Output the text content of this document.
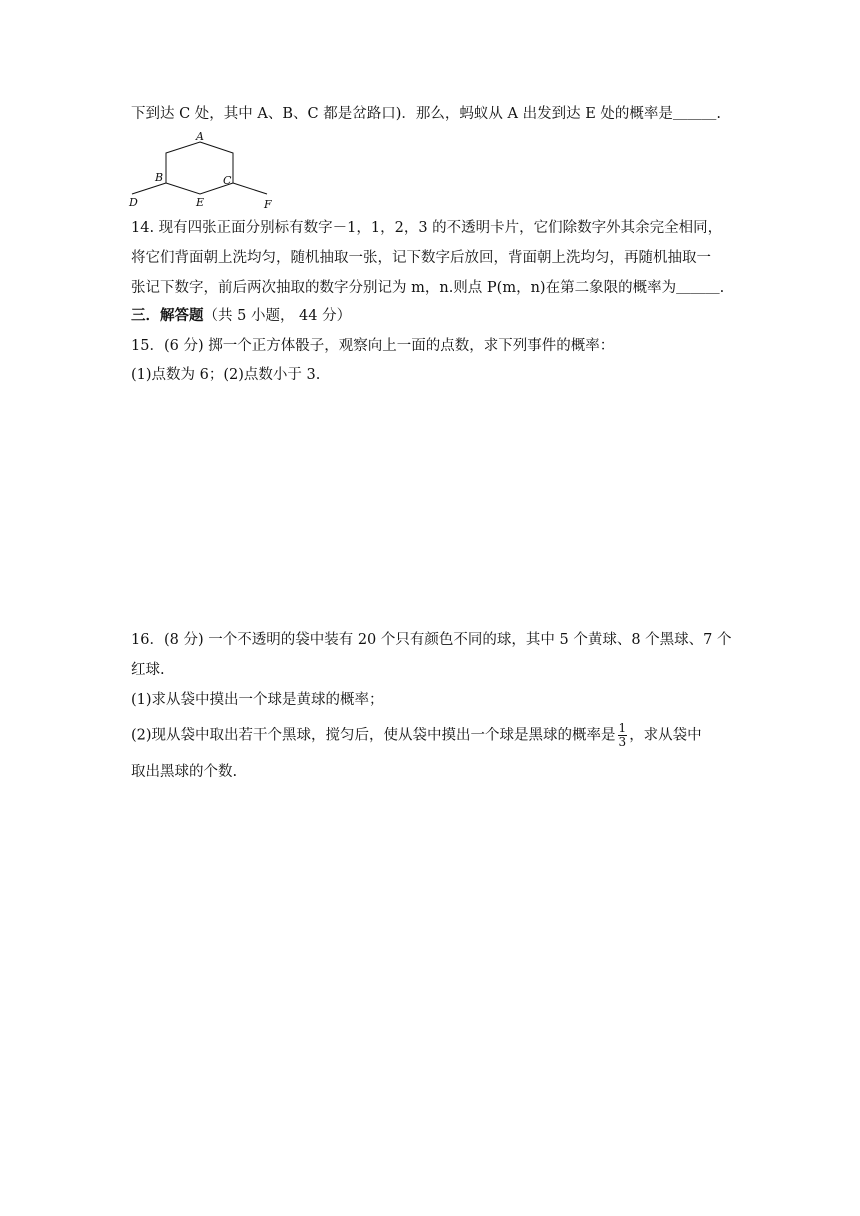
下到达 C 处，其中 A、B、C 都是岔路口)．那么，蚂蚁从 A 出发到达 E 处的概率是＿＿＿.
A
B	C
D	E	F
14. 现有四张正面分别标有数字－1，1，2，3 的不透明卡片，它们除数字外其余完全相同，
将它们背面朝上洗均匀，随机抽取一张，记下数字后放回，背面朝上洗均匀，再随机抽取一
张记下数字，前后两次抽取的数字分别记为 m，n.则点 P(m，n)在第二象限的概率为＿＿＿.
三．解答题（共 5 小题， 44 分）
15．(6 分) 掷一个正方体骰子，观察向上一面的点数，求下列事件的概率：
(1)点数为 6；(2)点数小于 3.
16．(8 分) 一个不透明的袋中装有 20 个只有颜色不同的球，其中 5 个黄球、8 个黑球、7 个
红球.
(1)求从袋中摸出一个球是黄球的概率；
(2)现从袋中取出若干个黑球，搅匀后，使从袋中摸出一个球是黑球的概率是 $\frac{1}{3}$ ，求从袋中
取出黑球的个数.
